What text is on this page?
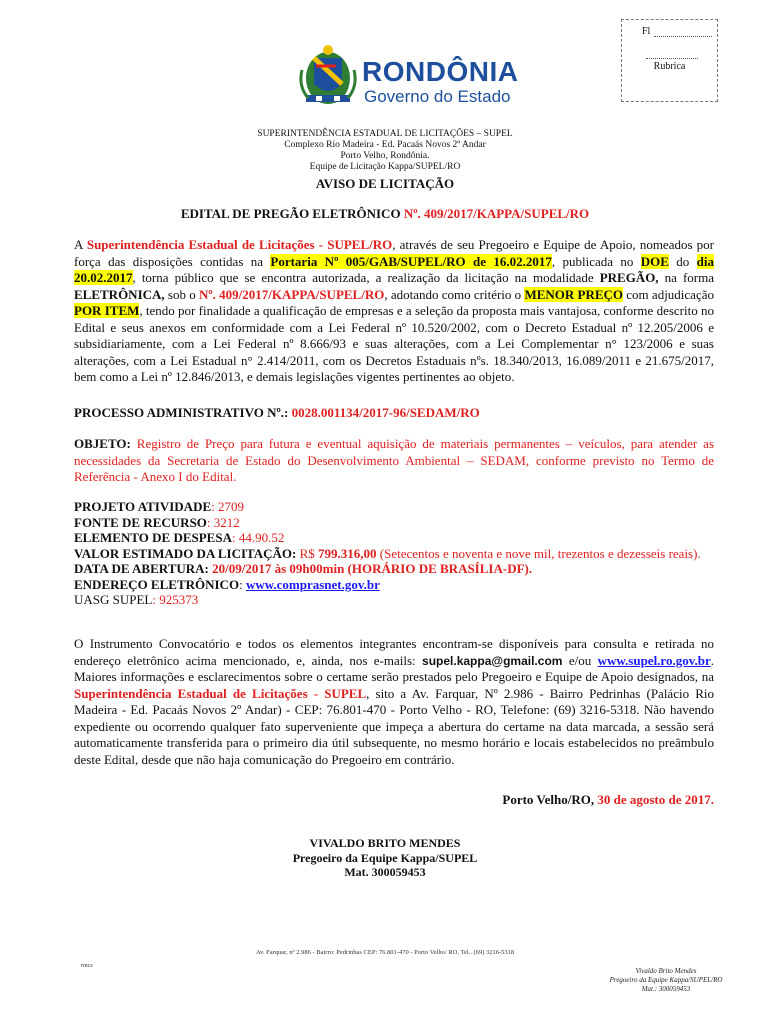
Fl
Rubrica
RONDÔNIA
Governo do Estado
SUPERINTENDÊNCIA ESTADUAL DE LICITAÇÕES – SUPEL
Complexo Rio Madeira - Ed. Pacaás Novos 2º Andar
Porto Velho, Rondônia.
Equipe de Licitação Kappa/SUPEL/RO
AVISO DE LICITAÇÃO
EDITAL DE PREGÃO ELETRÔNICO Nº. 409/2017/KAPPA/SUPEL/RO
A Superintendência Estadual de Licitações - SUPEL/RO, através de seu Pregoeiro e Equipe de Apoio, nomeados por força das disposições contidas na Portaria Nº 005/GAB/SUPEL/RO de 16.02.2017, publicada no DOE do dia 20.02.2017, torna público que se encontra autorizada, a realização da licitação na modalidade PREGÃO, na forma ELETRÔNICA, sob o Nº. 409/2017/KAPPA/SUPEL/RO, adotando como critério o MENOR PREÇO com adjudicação POR ITEM, tendo por finalidade a qualificação de empresas e a seleção da proposta mais vantajosa, conforme descrito no Edital e seus anexos em conformidade com a Lei Federal nº 10.520/2002, com o Decreto Estadual nº 12.205/2006 e subsidiariamente, com a Lei Federal nº 8.666/93 e suas alterações, com a Lei Complementar n° 123/2006 e suas alterações, com a Lei Estadual n° 2.414/2011, com os Decretos Estaduais nºs. 18.340/2013, 16.089/2011 e 21.675/2017, bem como a Lei nº 12.846/2013, e demais legislações vigentes pertinentes ao objeto.
PROCESSO ADMINISTRATIVO Nº.: 0028.001134/2017-96/SEDAM/RO
OBJETO: Registro de Preço para futura e eventual aquisição de materiais permanentes – veículos, para atender as necessidades da Secretaria de Estado do Desenvolvimento Ambiental – SEDAM, conforme previsto no Termo de Referência - Anexo I do Edital.
PROJETO ATIVIDADE: 2709
FONTE DE RECURSO: 3212
ELEMENTO DE DESPESA: 44.90.52
VALOR ESTIMADO DA LICITAÇÃO: R$ 799.316,00 (Setecentos e noventa e nove mil, trezentos e dezesseis reais).
DATA DE ABERTURA: 20/09/2017 às 09h00min (HORÁRIO DE BRASÍLIA-DF).
ENDEREÇO ELETRÔNICO: www.comprasnet.gov.br
UASG SUPEL: 925373
O Instrumento Convocatório e todos os elementos integrantes encontram-se disponíveis para consulta e retirada no endereço eletrônico acima mencionado, e, ainda, nos e-mails: supel.kappa@gmail.com e/ou www.supel.ro.gov.br. Maiores informações e esclarecimentos sobre o certame serão prestados pelo Pregoeiro e Equipe de Apoio designados, na Superintendência Estadual de Licitações - SUPEL, sito a Av. Farquar, Nº 2.986 - Bairro Pedrinhas (Palácio Rio Madeira - Ed. Pacaás Novos 2º Andar) - CEP: 76.801-470 - Porto Velho - RO, Telefone: (69) 3216-5318. Não havendo expediente ou ocorrendo qualquer fato superveniente que impeça a abertura do certame na data marcada, a sessão será automaticamente transferida para o primeiro dia útil subsequente, no mesmo horário e locais estabelecidos no preâmbulo deste Edital, desde que não haja comunicação do Pregoeiro em contrário.
Porto Velho/RO, 30 de agosto de 2017.
VIVALDO BRITO MENDES
Pregoeiro da Equipe Kappa/SUPEL
Mat. 300059453
Av. Farquar, nº 2.986 - Bairro: Pedrinhas CEP: 76.801-470 - Porto Velho/ RO, Tel.. (69) 3216-5318
rmcs
Vivaldo Brito Mendes
Pregoeiro da Equipe Kappa/SUPEL/RO
Mat.: 300059453
